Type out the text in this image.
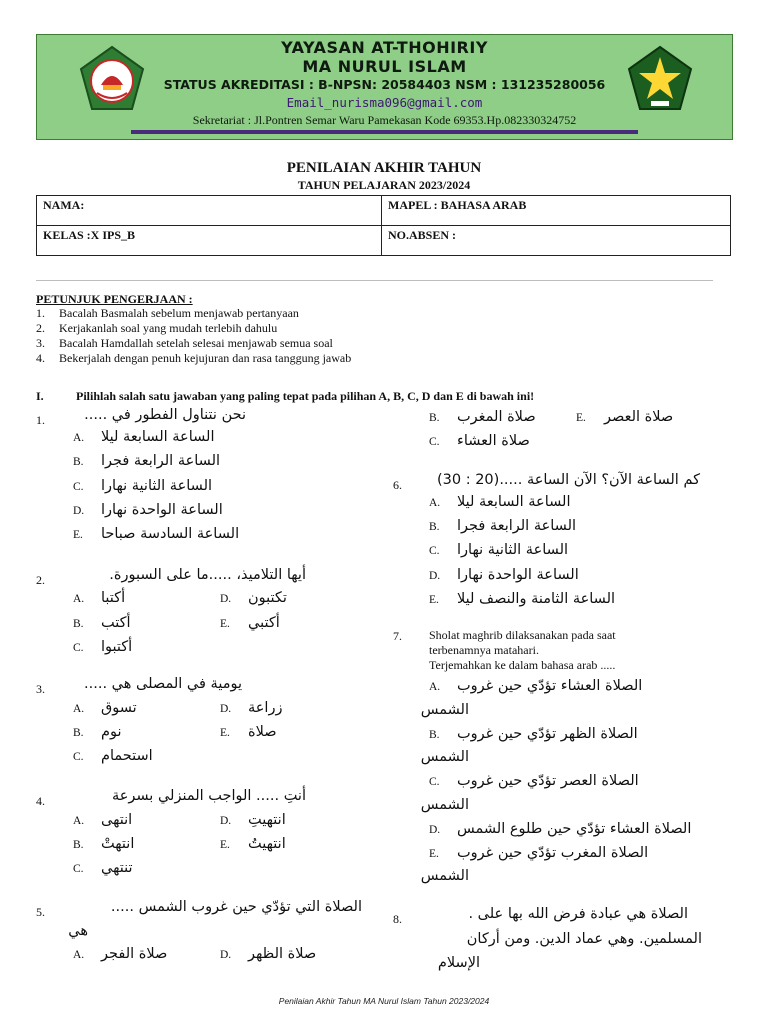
YAYASAN AT-THOHIRIY
MA NURUL ISLAM
STATUS AKREDITASI : B-NPSN: 20584403 NSM : 131235280056
Email_nurisma096@gmail.com
Sekretariat : Jl.Pontren Semar Waru Pamekasan Kode 69353.Hp.082330324752
PENILAIAN AKHIR TAHUN
TAHUN PELAJARAN 2023/2024
NAMA:	MAPEL : BAHASA ARAB
KELAS :X IPS_B	NO.ABSEN :
PETUNJUK PENGERJAAN :
1.	Bacalah Basmalah sebelum menjawab pertanyaan
2.	Kerjakanlah soal yang mudah terlebih dahulu
3.	Bacalah Hamdallah setelah selesai menjawab semua soal
4.	Bekerjalah dengan penuh kejujuran dan rasa tanggung jawab
I.	Pilihlah salah satu jawaban yang paling tepat pada pilihan A, B, C, D dan E di bawah ini!
1.	نحن نتناول الفطور في .....
A.	الساعة السابعة ليلا
B.	الساعة الرابعة فجرا
C.	الساعة الثانية نهارا
D.	الساعة الواحدة نهارا
E.	الساعة السادسة صباحا
2.	أيها التلاميذ، .....ما على السبورة.
A.	أكتبا
B.	أكتب
C.	أكتبوا
D.	تكتبون
E.	أكتبي
3.	يومية في المصلى هي .....
A.	تسوق
B.	نوم
C.	استحمام
D.	زراعة
E.	صلاة
4.	أنتِ ..... الواجب المنزلي بسرعة
A.	انتهى
B.	انتهتْ
C.	تنتهي
D.	انتهيتِ
E.	انتهيتُ
5.	الصلاة التي تؤدّي حين غروب الشمس .....
هي
A.	صلاة الفجر	D.	صلاة الظهر
B.	صلاة المغرب	E.	صلاة العصر
C.	صلاة العشاء
6.	كم الساعة الآن؟ الآن الساعة .....(20 : 30)
A.	الساعة السابعة ليلا
B.	الساعة الرابعة فجرا
C.	الساعة الثانية نهارا
D.	الساعة الواحدة نهارا
E.	الساعة الثامنة والنصف ليلا
7. Sholat maghrib dilaksanakan pada saat
terbenamnya matahari.
Terjemahkan ke dalam bahasa arab .....
A.	الصلاة العشاء تؤدّي حين غروب
الشمس
B.	الصلاة الظهر تؤدّي حين غروب
الشمس
C.	الصلاة العصر تؤدّي حين غروب
الشمس
D.	الصلاة العشاء تؤدّي حين طلوع الشمس
E.	الصلاة المغرب تؤدّي حين غروب
الشمس
8.	الصلاة هي عبادة فرض الله بها على .
المسلمين. وهي عماد الدين. ومن أركان
الإسلام
Penilaian Akhir Tahun MA Nurul Islam Tahun 2023/2024
